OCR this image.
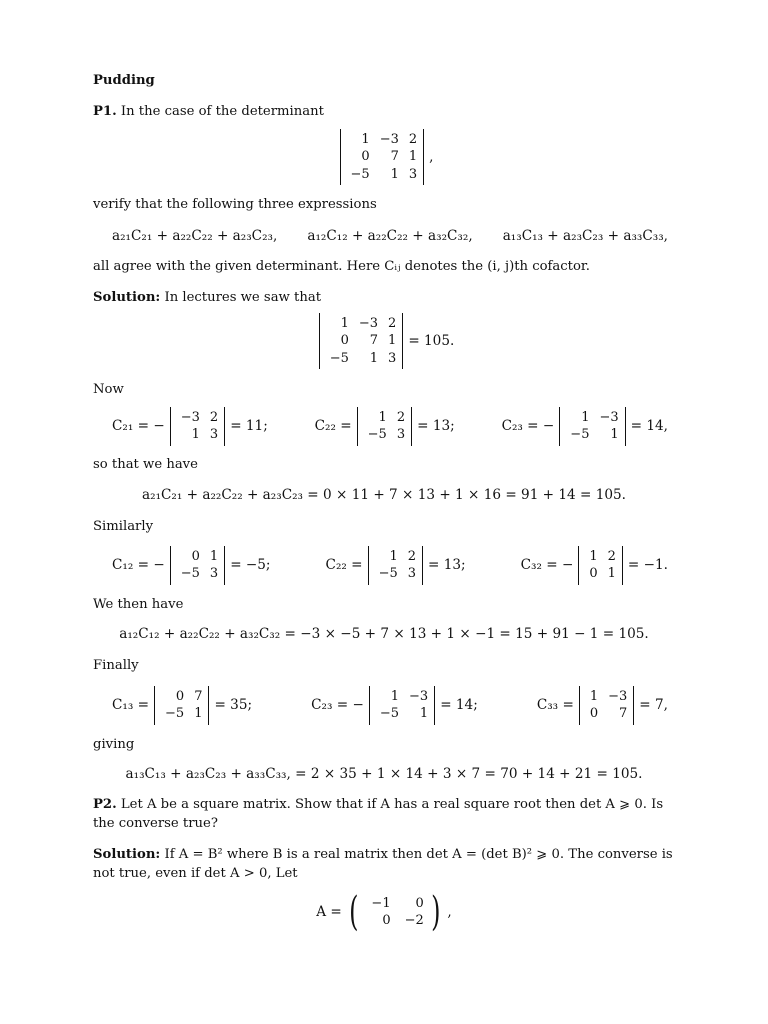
Pudding
P1. In the case of the determinant
1 −3 2
0	7 1
−5	1 3
,
verify that the following three expressions
a₂₁C₂₁ + a₂₂C₂₂ + a₂₃C₂₃, a₁₂C₁₂ + a₂₂C₂₂ + a₃₂C₃₂, a₁₃C₁₃ + a₂₃C₂₃ + a₃₃C₃₃,
all agree with the given determinant. Here Cᵢⱼ denotes the (i, j)th cofactor.
Solution: In lectures we saw that
1 −3 2
0	7 1
−5	1 3
= 105.
Now
C₂₁ = −
−3 2
1 3
= 11;	C₂₂ =
1 2
−5 3
= 13;	C₂₃ = −
1 −3
−5	1
= 14,
so that we have
a₂₁C₂₁ + a₂₂C₂₂ + a₂₃C₂₃ = 0 × 11 + 7 × 13 + 1 × 16 = 91 + 14 = 105.
Similarly
C₁₂ = −
0 1
−5 3
= −5;	C₂₂ =
1 2
−5 3
= 13;	C₃₂ = −
1 2
0 1
= −1.
We then have
a₁₂C₁₂ + a₂₂C₂₂ + a₃₂C₃₂ = −3 × −5 + 7 × 13 + 1 × −1 = 15 + 91 − 1 = 105.
Finally
C₁₃ =
0 7
−5 1
= 35;	C₂₃ = −
1 −3
−5	1
= 14;	C₃₃ =
1 −3
0	7
= 7,
giving
a₁₃C₁₃ + a₂₃C₂₃ + a₃₃C₃₃, = 2 × 35 + 1 × 14 + 3 × 7 = 70 + 14 + 21 = 105.
P2. Let A be a square matrix. Show that if A has a real square root then det A ⩾ 0. Is the converse true?
Solution: If A = B² where B is a real matrix then det A = (det B)² ⩾ 0. The converse is not true, even if det A > 0, Let
A = (	−1	0
0	−2 ) ,
